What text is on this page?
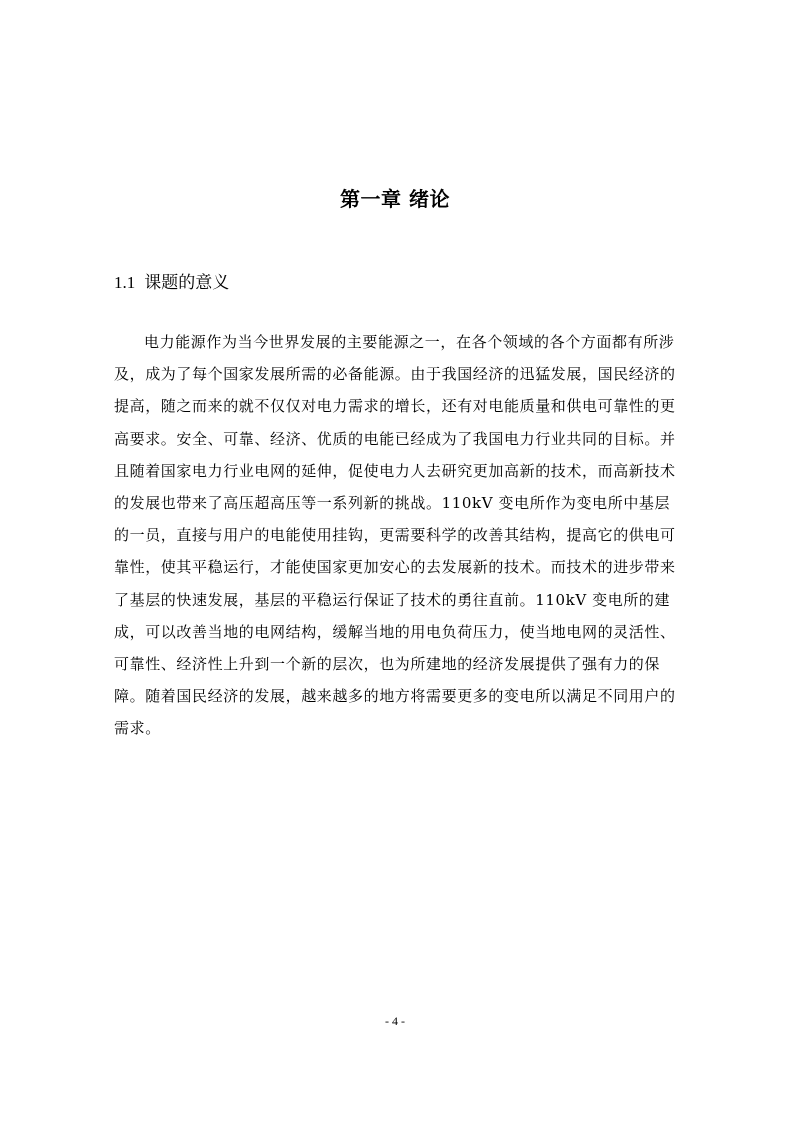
第一章 绪论
1.1 课题的意义

电力能源作为当今世界发展的主要能源之一，在各个领域的各个方面都有所涉及，成为了每个国家发展所需的必备能源。由于我国经济的迅猛发展，国民经济的提高，随之而来的就不仅仅对电力需求的增长，还有对电能质量和供电可靠性的更高要求。安全、可靠、经济、优质的电能已经成为了我国电力行业共同的目标。并且随着国家电力行业电网的延伸，促使电力人去研究更加高新的技术，而高新技术的发展也带来了高压超高压等一系列新的挑战。110kV 变电所作为变电所中基层的一员，直接与用户的电能使用挂钩，更需要科学的改善其结构，提高它的供电可靠性，使其平稳运行，才能使国家更加安心的去发展新的技术。而技术的进步带来了基层的快速发展，基层的平稳运行保证了技术的勇往直前。110kV 变电所的建成，可以改善当地的电网结构，缓解当地的用电负荷压力，使当地电网的灵活性、可靠性、经济性上升到一个新的层次，也为所建地的经济发展提供了强有力的保障。随着国民经济的发展，越来越多的地方将需要更多的变电所以满足不同用户的需求。

- 4 -
